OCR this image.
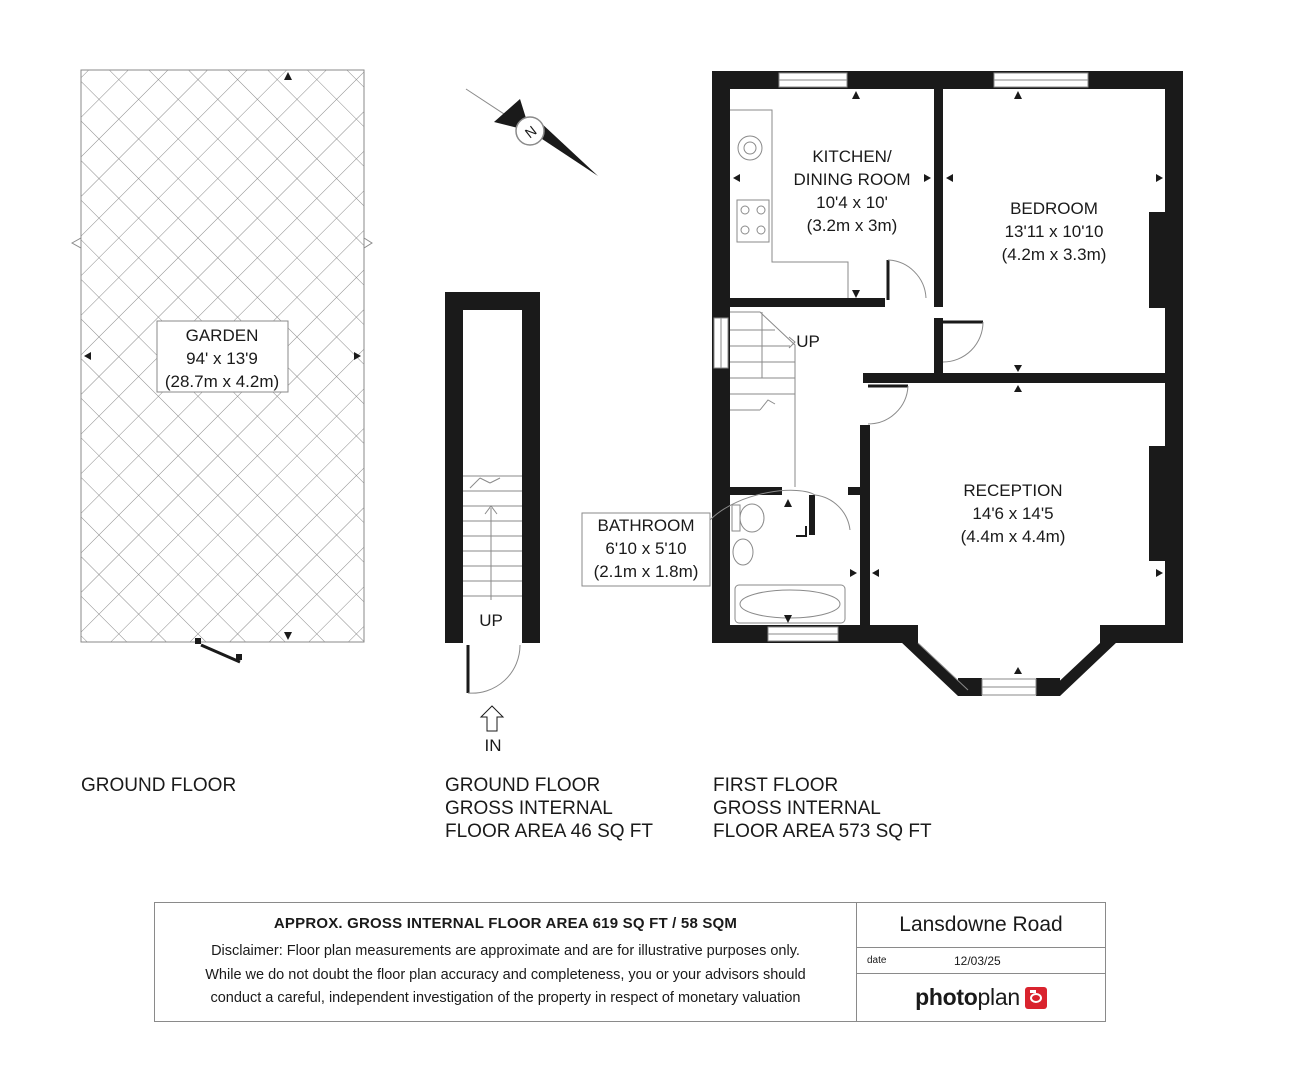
GARDEN
94' x 13'9
(28.7m x 4.2m)
N
UP
IN
KITCHEN/
DINING ROOM
10'4 x 10'
(3.2m x 3m)
BEDROOM
13'11 x 10'10
(4.2m x 3.3m)
RECEPTION
14'6 x 14'5
(4.4m x 4.4m)
BATHROOM
6'10 x 5'10
(2.1m x 1.8m)
UP
GROUND FLOOR	GROUND FLOOR
GROSS INTERNAL
FLOOR AREA 46 SQ FT
FIRST FLOOR
GROSS INTERNAL
FLOOR AREA 573 SQ FT
APPROX. GROSS INTERNAL FLOOR AREA 619 SQ FT / 58 SQM
Disclaimer: Floor plan measurements are approximate and are for illustrative purposes only.
While we do not doubt the floor plan accuracy and completeness, you or your advisors should
conduct a careful, independent investigation of the property in respect of monetary valuation
Lansdowne Road
date	12/03/25
photoplan
